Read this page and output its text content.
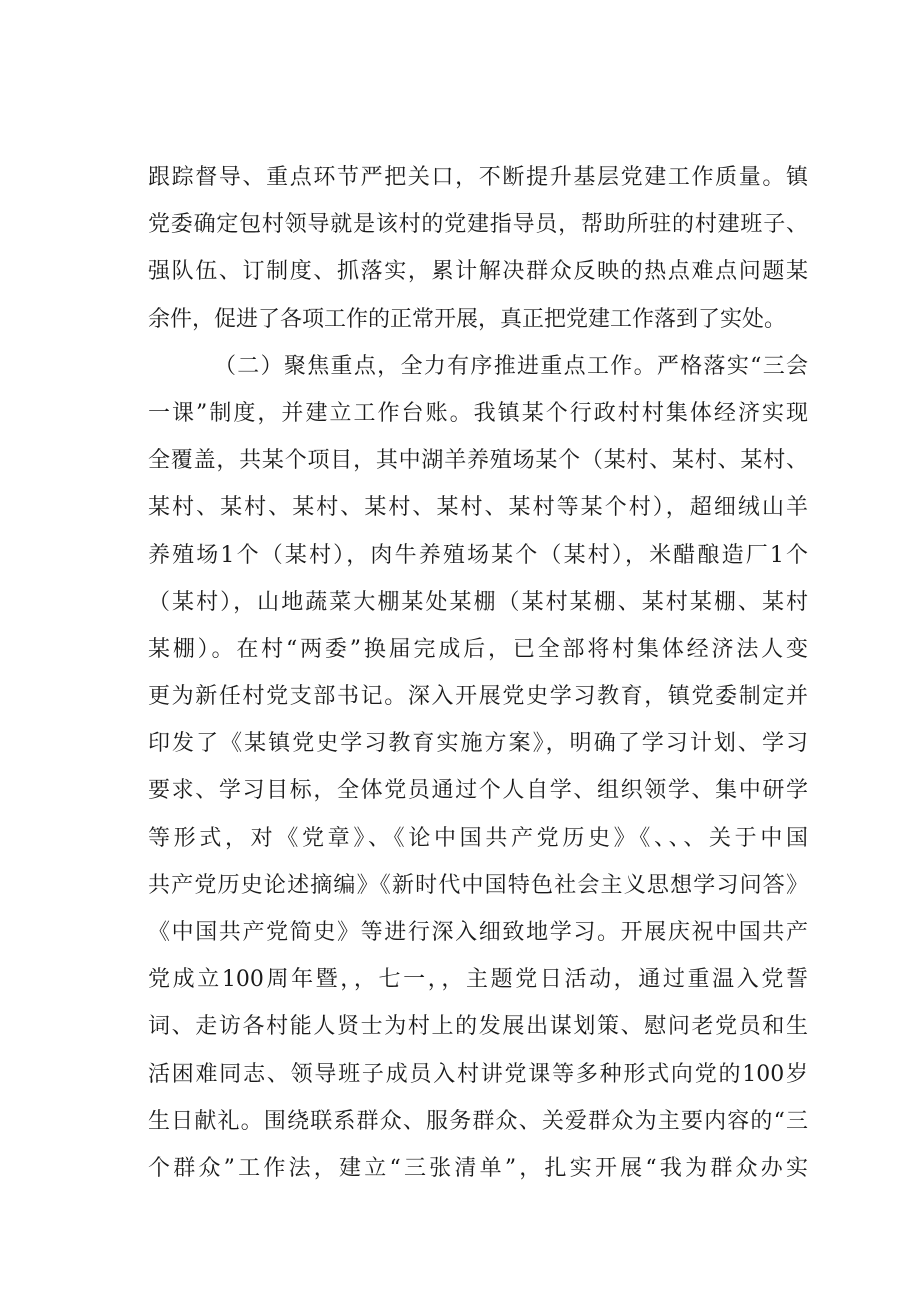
跟踪督导、重点环节严把关口，不断提升基层党建工作质量。镇
党委确定包村领导就是该村的党建指导员，帮助所驻的村建班子、
强队伍、订制度、抓落实，累计解决群众反映的热点难点问题某
余件，促进了各项工作的正常开展，真正把党建工作落到了实处。
（二）聚焦重点，全力有序推进重点工作。严格落实“三会
一课”制度，并建立工作台账。我镇某个行政村村集体经济实现
全覆盖，共某个项目，其中湖羊养殖场某个（某村、某村、某村、
某村、某村、某村、某村、某村、某村等某个村），超细绒山羊
养殖场1个（某村），肉牛养殖场某个（某村），米醋酿造厂1个
（某村），山地蔬菜大棚某处某棚（某村某棚、某村某棚、某村
某棚）。在村“两委”换届完成后，已全部将村集体经济法人变
更为新任村党支部书记。深入开展党史学习教育，镇党委制定并
印发了《某镇党史学习教育实施方案》，明确了学习计划、学习
要求、学习目标，全体党员通过个人自学、组织领学、集中研学
等形式，对《党章》、《论中国共产党历史》《、、、关于中国
共产党历史论述摘编》《新时代中国特色社会主义思想学习问答》
《中国共产党简史》等进行深入细致地学习。开展庆祝中国共产
党成立100周年暨，，七一，，主题党日活动，通过重温入党誓
词、走访各村能人贤士为村上的发展出谋划策、慰问老党员和生
活困难同志、领导班子成员入村讲党课等多种形式向党的100岁
生日献礼。围绕联系群众、服务群众、关爱群众为主要内容的“三
个群众”工作法，建立“三张清单”，扎实开展“我为群众办实
